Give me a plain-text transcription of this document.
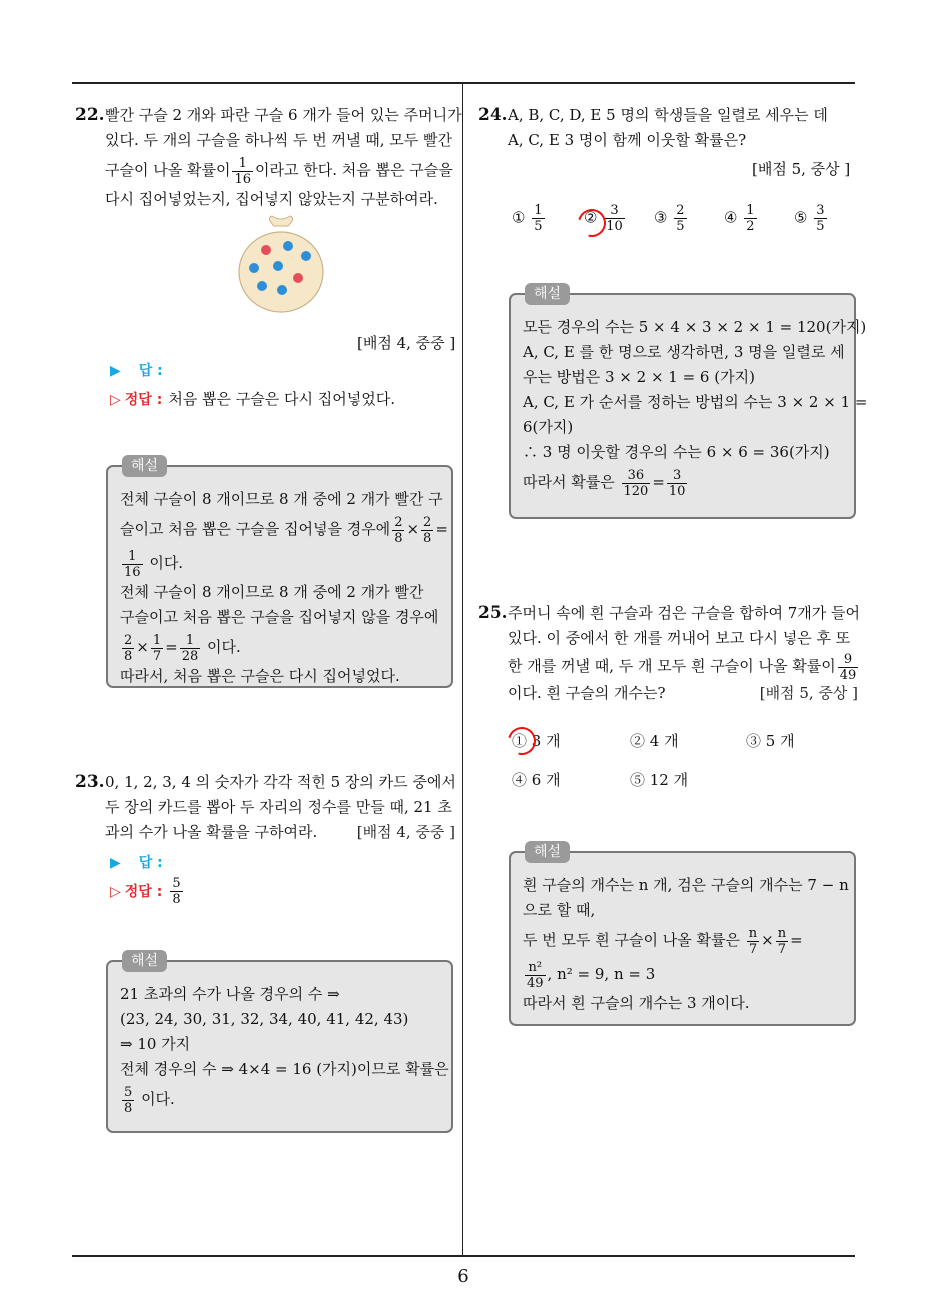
22. 빨간 구슬 2 개와 파란 구슬 6 개가 들어 있는 주머니가
있다. 두 개의 구슬을 하나씩 두 번 꺼낼 때, 모두 빨간
구슬이 나올 확률이 $\frac{1}{16}$ 이라고 한다. 처음 뽑은 구슬을
다시 집어넣었는지, 집어넣지 않았는지 구분하여라.
[배점 4, 중중 ]
▶ 답 :
▷ 정답 : 처음 뽑은 구슬은 다시 집어넣었다.
해설
전체 구슬이 8 개이므로 8 개 중에 2 개가 빨간 구
슬이고 처음 뽑은 구슬을 집어넣을 경우에 $\frac{2}{8} \times \frac{2}{8}$ =
$\frac{1}{16}$ 이다.
전체 구슬이 8 개이므로 8 개 중에 2 개가 빨간
구슬이고 처음 뽑은 구슬을 집어넣지 않을 경우에
$\frac{2}{8} \times \frac{1}{7} = \frac{1}{28}$ 이다.
따라서, 처음 뽑은 구슬은 다시 집어넣었다.
23. 0, 1, 2, 3, 4 의 숫자가 각각 적힌 5 장의 카드 중에서
두 장의 카드를 뽑아 두 자리의 정수를 만들 때, 21 초
과의 수가 나올 확률을 구하여라.	[배점 4, 중중 ]
▶ 답 :
▷ 정답 : $\frac{5}{8}$
해설
21 초과의 수가 나올 경우의 수 ⇒
(23, 24, 30, 31, 32, 34, 40, 41, 42, 43)
⇒ 10 가지
전체 경우의 수 ⇒ 4×4 = 16 (가지)이므로 확률은
$\frac{5}{8}$ 이다.
24. A, B, C, D, E 5 명의 학생들을 일렬로 세우는 데
A, C, E 3 명이 함께 이웃할 확률은?
[배점 5, 중상 ]
① $\frac{1}{5}$	② $\frac{3}{10}$ ③ $\frac{2}{5}$ ④ $\frac{1}{2}$ ⑤ $\frac{3}{5}$
해설
모든 경우의 수는 5 × 4 × 3 × 2 × 1 = 120(가지)
A, C, E 를 한 명으로 생각하면, 3 명을 일렬로 세
우는 방법은 3 × 2 × 1 = 6 (가지)
A, C, E 가 순서를 정하는 방법의 수는 3 × 2 × 1 =
6(가지)
∴ 3 명 이웃할 경우의 수는 6 × 6 = 36(가지)
따라서 확률은 $\frac{36}{120} = \frac{3}{10}$
25. 주머니 속에 흰 구슬과 검은 구슬을 합하여 7개가 들어
있다. 이 중에서 한 개를 꺼내어 보고 다시 넣은 후 또
한 개를 꺼낼 때, 두 개 모두 흰 구슬이 나올 확률이 $\frac{9}{49}$
이다. 흰 구슬의 개수는?	[배점 5, 중상 ]
① 3 개	② 4 개	③ 5 개
④ 6 개	⑤ 12 개
해설
흰 구슬의 개수는 n 개, 검은 구슬의 개수는 7 − n
으로 할 때,
두 번 모두 흰 구슬이 나올 확률은 $\frac{n}{7} \times \frac{n}{7}$ =
$\frac{\text{n²}}{49}$ , n² = 9, n = 3
따라서 흰 구슬의 개수는 3 개이다.
6
